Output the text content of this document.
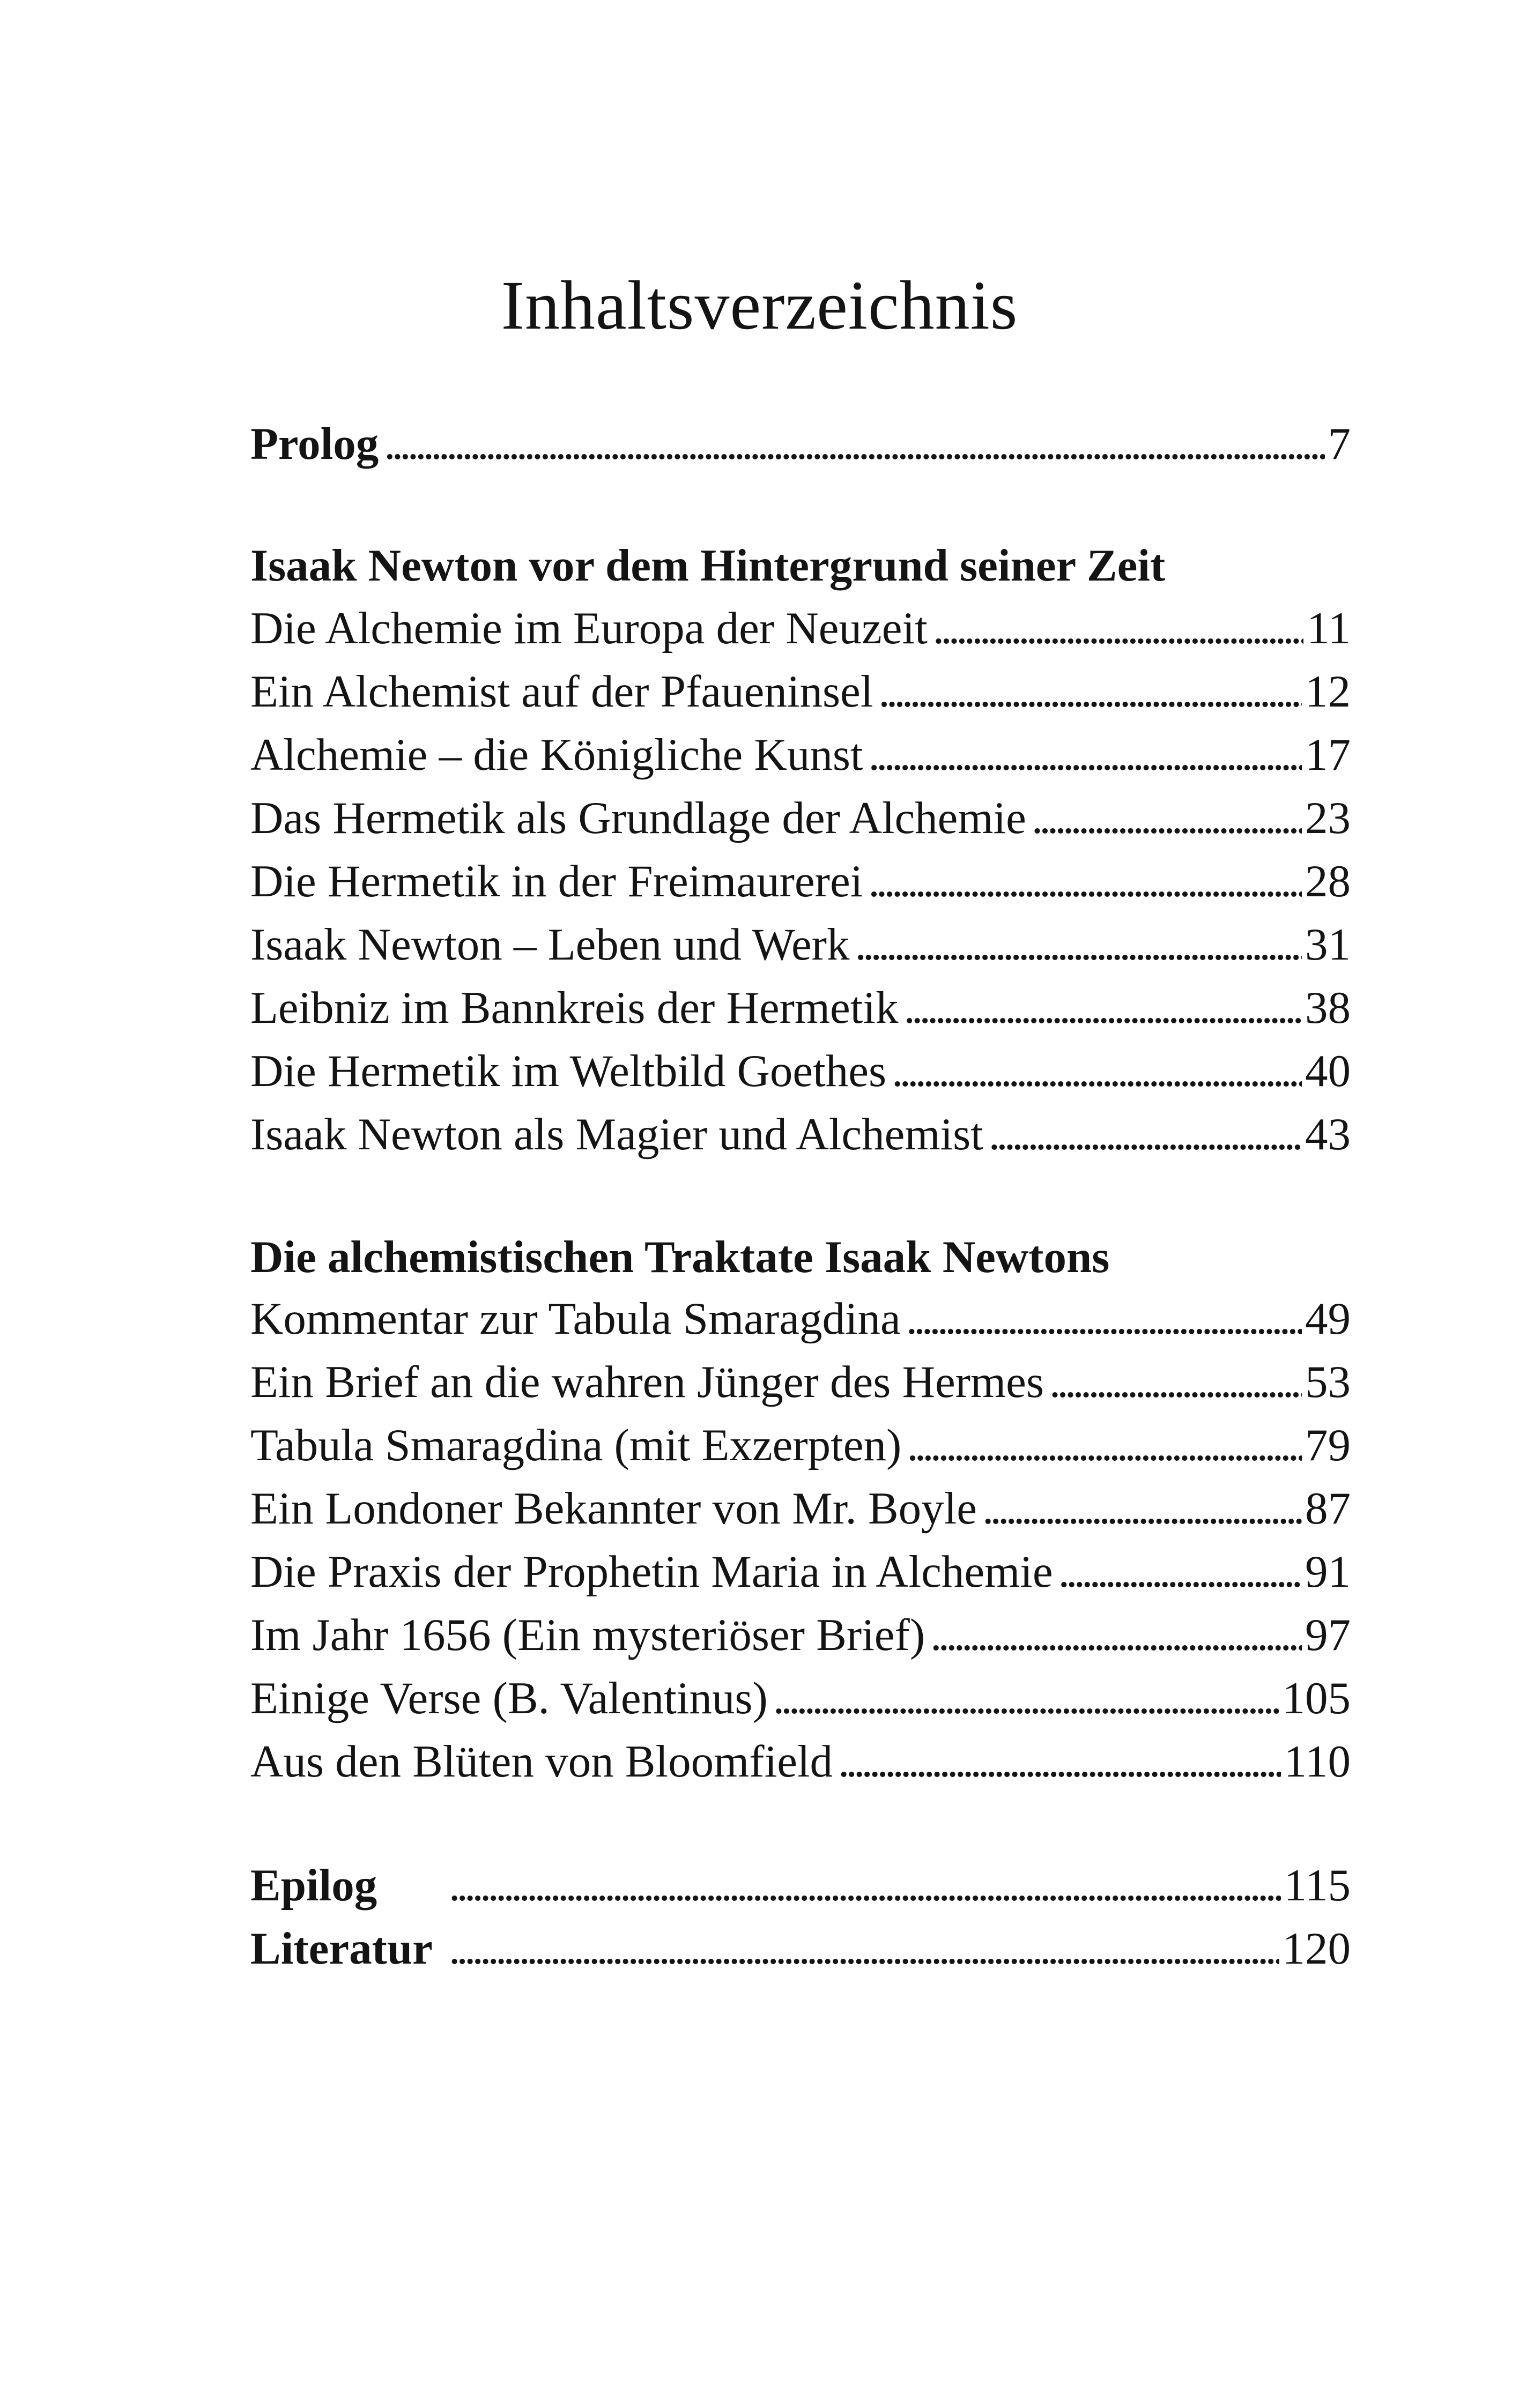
Inhaltsverzeichnis
Prolog . . .	7
Isaak Newton vor dem Hintergrund seiner Zeit
Die Alchemie im Europa der Neuzeit . . .	11
Ein Alchemist auf der Pfaueninsel . . .	12
Alchemie – die Königliche Kunst . . .	17
Das Hermetik als Grundlage der Alchemie . . .	23
Die Hermetik in der Freimaurerei . . .	28
Isaak Newton – Leben und Werk . . .	31
Leibniz im Bannkreis der Hermetik . . .	38
Die Hermetik im Weltbild Goethes . . .	40
Isaak Newton als Magier und Alchemist . . .	43
Die alchemistischen Traktate Isaak Newtons
Kommentar zur Tabula Smaragdina . . .	49
Ein Brief an die wahren Jünger des Hermes . . .	53
Tabula Smaragdina (mit Exzerpten) . . .	79
Ein Londoner Bekannter von Mr. Boyle . . .	87
Die Praxis der Prophetin Maria in Alchemie . . .	91
Im Jahr 1656 (Ein mysteriöser Brief) . . .	97
Einige Verse (B. Valentinus) . . .	105
Aus den Blüten von Bloomfield . . .	110
Epilog . . .	115
Literatur . . .	120
